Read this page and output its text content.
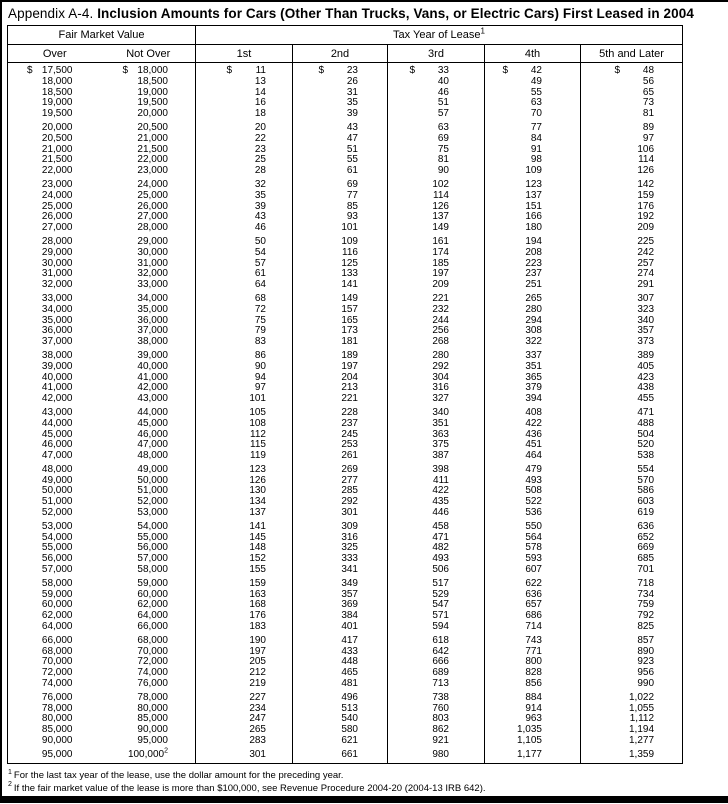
Appendix A-4. Inclusion Amounts for Cars (Other Than Trucks, Vans, or Electric Cars) First Leased in 2004
Fair Market Value		Tax Year of Lease$^1$
Over	Not Over	1st	2nd	3rd	4th	5th and Later
$ 17,500	$ 18,000	$ 11	$ 23	$ 33	$ 42	$ 48
18,000	18,500	13	26	40	49	56
18,500	19,000	14	31	46	55	65
19,000	19,500	16	35	51	63	73
19,500	20,000	18	39	57	70	81
20,000	20,500	20	43	63	77	89
20,500	21,000	22	47	69	84	97
21,000	21,500	23	51	75	91	106
21,500	22,000	25	55	81	98	114
22,000	23,000	28	61	90	109	126
23,000	24,000	32	69	102	123	142
24,000	25,000	35	77	114	137	159
25,000	26,000	39	85	126	151	176
26,000	27,000	43	93	137	166	192
27,000	28,000	46	101	149	180	209
28,000	29,000	50	109	161	194	225
29,000	30,000	54	116	174	208	242
30,000	31,000	57	125	185	223	257
31,000	32,000	61	133	197	237	274
32,000	33,000	64	141	209	251	291
33,000	34,000	68	149	221	265	307
34,000	35,000	72	157	232	280	323
35,000	36,000	75	165	244	294	340
36,000	37,000	79	173	256	308	357
37,000	38,000	83	181	268	322	373
38,000	39,000	86	189	280	337	389
39,000	40,000	90	197	292	351	405
40,000	41,000	94	204	304	365	423
41,000	42,000	97	213	316	379	438
42,000	43,000	101	221	327	394	455
43,000	44,000	105	228	340	408	471
44,000	45,000	108	237	351	422	488
45,000	46,000	112	245	363	436	504
46,000	47,000	115	253	375	451	520
47,000	48,000	119	261	387	464	538
48,000	49,000	123	269	398	479	554
49,000	50,000	126	277	411	493	570
50,000	51,000	130	285	422	508	586
51,000	52,000	134	292	435	522	603
52,000	53,000	137	301	446	536	619
53,000	54,000	141	309	458	550	636
54,000	55,000	145	316	471	564	652
55,000	56,000	148	325	482	578	669
56,000	57,000	152	333	493	593	685
57,000	58,000	155	341	506	607	701
58,000	59,000	159	349	517	622	718
59,000	60,000	163	357	529	636	734
60,000	62,000	168	369	547	657	759
62,000	64,000	176	384	571	686	792
64,000	66,000	183	401	594	714	825
66,000	68,000	190	417	618	743	857
68,000	70,000	197	433	642	771	890
70,000	72,000	205	448	666	800	923
72,000	74,000	212	465	689	828	956
74,000	76,000	219	481	713	856	990
76,000	78,000	227	496	738	884	1,022
78,000	80,000	234	513	760	914	1,055
80,000	85,000	247	540	803	963	1,112
85,000	90,000	265	580	862	1,035	1,194
90,000	95,000	283	621	921	1,105	1,277
95,000	100,000$^2$	301	661	980	1,177	1,359
$^1$ For the last tax year of the lease, use the dollar amount for the preceding year.
$^2$ If the fair market value of the lease is more than $100,000, see Revenue Procedure 2004-20 (2004-13 IRB 642).
